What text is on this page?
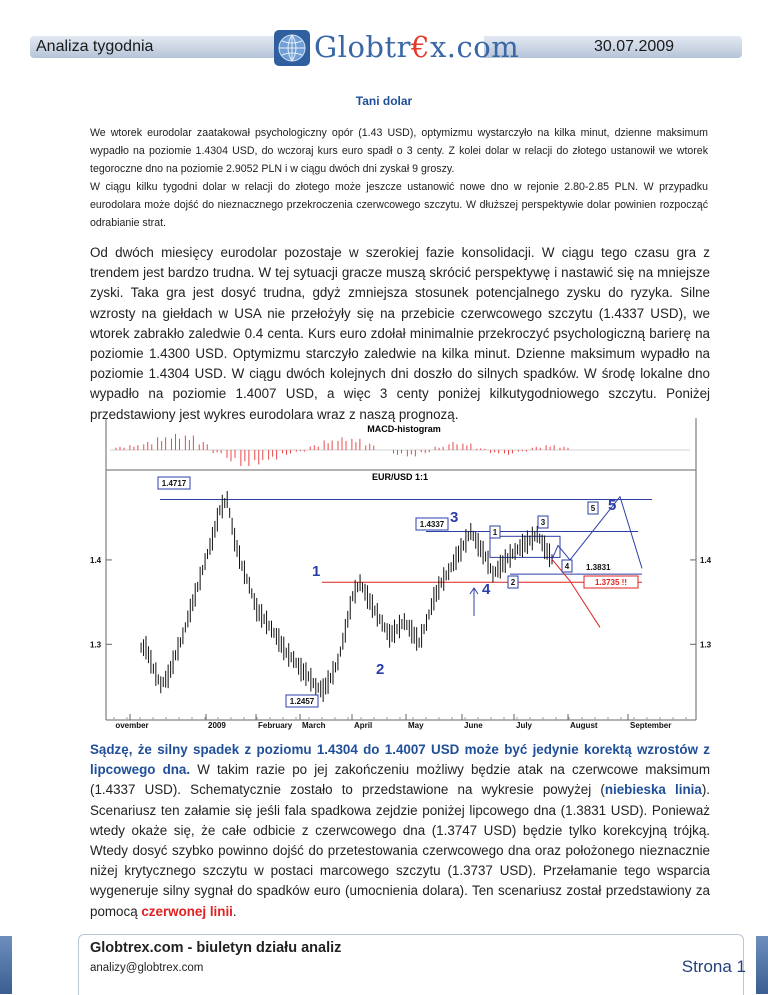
Analiza tygodnia	30.07.2009
Globtr€x.com
Tani dolar
We wtorek eurodolar zaatakował psychologiczny opór (1.43 USD), optymizmu wystarczyło na kilka minut, dzienne maksimum wypadło na poziomie 1.4304 USD, do wczoraj kurs euro spadł o 3 centy. Z kolei dolar w relacji do złotego ustanowił we wtorek tegoroczne dno na poziomie 2.9052 PLN i w ciągu dwóch dni zyskał 9 groszy.
W ciągu kilku tygodni dolar w relacji do złotego może jeszcze ustanowić nowe dno w rejonie 2.80-2.85 PLN. W przypadku eurodolara może dojść do nieznacznego przekroczenia czerwcowego szczytu. W dłuższej perspektywie dolar powinien rozpocząć odrabianie strat.
Od dwóch miesięcy eurodolar pozostaje w szerokiej fazie konsolidacji. W ciągu tego czasu gra z trendem jest bardzo trudna. W tej sytuacji gracze muszą skrócić perspektywę i nastawić się na mniejsze zyski. Taka gra jest dosyć trudna, gdyż zmniejsza stosunek potencjalnego zysku do ryzyka. Silne wzrosty na giełdach w USA nie przełożyły się na przebicie czerwcowego szczytu (1.4337 USD), we wtorek zabrakło zaledwie 0.4 centa. Kurs euro zdołał minimalnie przekroczyć psychologiczną barierę na poziomie 1.4300 USD. Optymizmu starczyło zaledwie na kilka minut. Dzienne maksimum wypadło na poziomie 1.4304 USD. W ciągu dwóch kolejnych dni doszło do silnych spadków. W środę lokalne dno wypadło na poziomie 1.4007 USD, a więc 3 centy poniżej kilkutygodniowego szczytu. Poniżej przedstawiony jest wykres eurodolara wraz z naszą prognozą.
MACD-histogram
EUR/USD 1:1
1.4717
1.4337
1.2457
1.3831
1.3735 !!
1
2
3
4
5
1
2
3
4
5
ovember	2009	February March	April	May	June	July	August	September
1.4	1.4
1.3	1.3
Sądzę, że silny spadek z poziomu 1.4304 do 1.4007 USD może być jedynie korektą wzrostów z lipcowego dna. W takim razie po jej zakończeniu możliwy będzie atak na czerwcowe maksimum (1.4337 USD). Schematycznie zostało to przedstawione na wykresie powyżej (niebieska linia). Scenariusz ten załamie się jeśli fala spadkowa zejdzie poniżej lipcowego dna (1.3831 USD). Ponieważ wtedy okaże się, że całe odbicie z czerwcowego dna (1.3747 USD) będzie tylko korekcyjną trójką. Wtedy dosyć szybko powinno dojść do przetestowania czerwcowego dna oraz położonego nieznacznie niżej krytycznego szczytu w postaci marcowego szczytu (1.3737 USD). Przełamanie tego wsparcia wygeneruje silny sygnał do spadków euro (umocnienia dolara). Ten scenariusz został przedstawiony za pomocą czerwonej linii.
Globtrex.com - biuletyn działu analiz
analizy@globtrex.com	Strona 1
